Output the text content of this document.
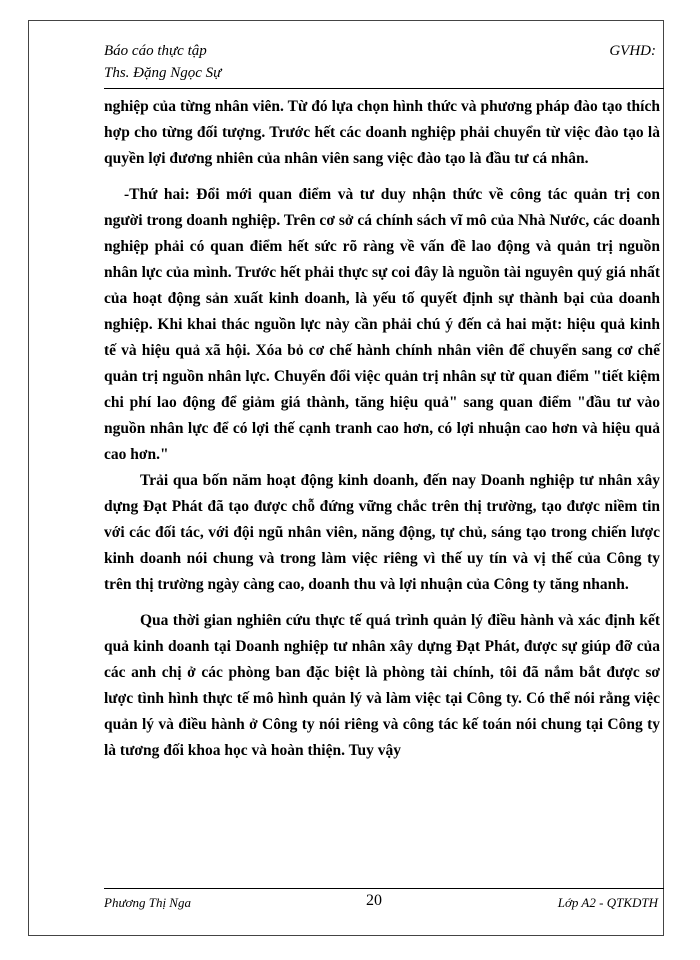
Báo cáo thực tập
Ths. Đặng Ngọc Sự
GVHD:

nghiệp của từng nhân viên. Từ đó lựa chọn hình thức và phương pháp đào tạo thích hợp cho từng đối tượng. Trước hết các doanh nghiệp phải chuyển từ việc đào tạo là quyền lợi đương nhiên của nhân viên sang việc đào tạo là đầu tư cá nhân.

-Thứ hai: Đổi mới quan điểm và tư duy nhận thức về công tác quản trị con người trong doanh nghiệp. Trên cơ sở cá chính sách vĩ mô của Nhà Nước, các doanh nghiệp phải có quan điểm hết sức rõ ràng về vấn đề lao động và quản trị nguồn nhân lực của mình. Trước hết phải thực sự coi đây là nguồn tài nguyên quý giá nhất của hoạt động sản xuất kinh doanh, là yếu tố quyết định sự thành bại của doanh nghiệp. Khi khai thác nguồn lực này cần phải chú ý đến cả hai mặt: hiệu quả kinh tế và hiệu quả xã hội. Xóa bỏ cơ chế hành chính nhân viên để chuyển sang cơ chế quản trị nguồn nhân lực. Chuyển đổi việc quản trị nhân sự từ quan điểm "tiết kiệm chi phí lao động để giảm giá thành, tăng hiệu quả" sang quan điểm "đầu tư vào nguồn nhân lực để có lợi thế cạnh tranh cao hơn, có lợi nhuận cao hơn và hiệu quả cao hơn."

Trải qua bốn năm hoạt động kinh doanh, đến nay Doanh nghiệp tư nhân xây dựng Đạt Phát đã tạo được chỗ đứng vững chắc trên thị trường, tạo được niềm tin với các đối tác, với đội ngũ nhân viên, năng động, tự chủ, sáng tạo trong chiến lược kinh doanh nói chung và trong làm việc riêng vì thế uy tín và vị thế của Công ty trên thị trường ngày càng cao, doanh thu và lợi nhuận của Công ty tăng nhanh.

Qua thời gian nghiên cứu thực tế quá trình quản lý điều hành và xác định kết quả kinh doanh tại Doanh nghiệp tư nhân xây dựng Đạt Phát, được sự giúp đỡ của các anh chị ở các phòng ban đặc biệt là phòng tài chính, tôi đã nắm bắt được sơ lược tình hình thực tế mô hình quản lý và làm việc tại Công ty. Có thể nói rằng việc quản lý và điều hành ở Công ty nói riêng và công tác kế toán nói chung tại Công ty là tương đối khoa học và hoàn thiện. Tuy vậy

Phương Thị Nga	20	Lớp A2 - QTKDTH
